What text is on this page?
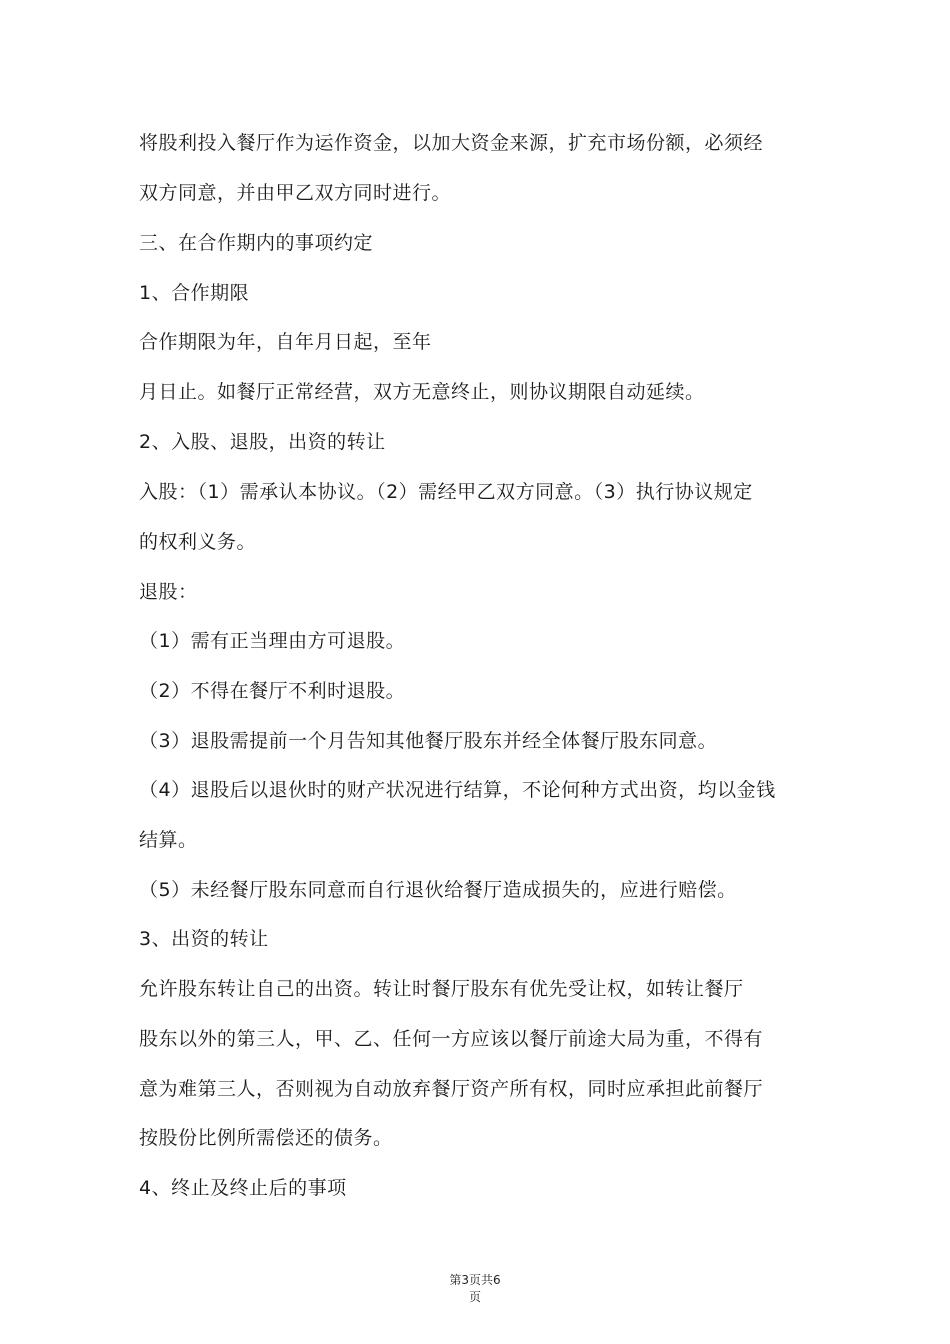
将股利投入餐厅作为运作资金，以加大资金来源，扩充市场份额，必须经
双方同意，并由甲乙双方同时进行。
三、在合作期内的事项约定
1、合作期限
合作期限为年，自年月日起，至年
月日止。如餐厅正常经营，双方无意终止，则协议期限自动延续。
2、入股、退股，出资的转让
入股：（1）需承认本协议。（2）需经甲乙双方同意。（3）执行协议规定
的权利义务。
退股：
（1）需有正当理由方可退股。
（2）不得在餐厅不利时退股。
（3）退股需提前一个月告知其他餐厅股东并经全体餐厅股东同意。
（4）退股后以退伙时的财产状况进行结算，不论何种方式出资，均以金钱
结算。
（5）未经餐厅股东同意而自行退伙给餐厅造成损失的，应进行赔偿。
3、出资的转让
允许股东转让自己的出资。转让时餐厅股东有优先受让权，如转让餐厅
股东以外的第三人，甲、乙、任何一方应该以餐厅前途大局为重，不得有
意为难第三人，否则视为自动放弃餐厅资产所有权，同时应承担此前餐厅
按股份比例所需偿还的债务。
4、终止及终止后的事项
第3页共6
页
